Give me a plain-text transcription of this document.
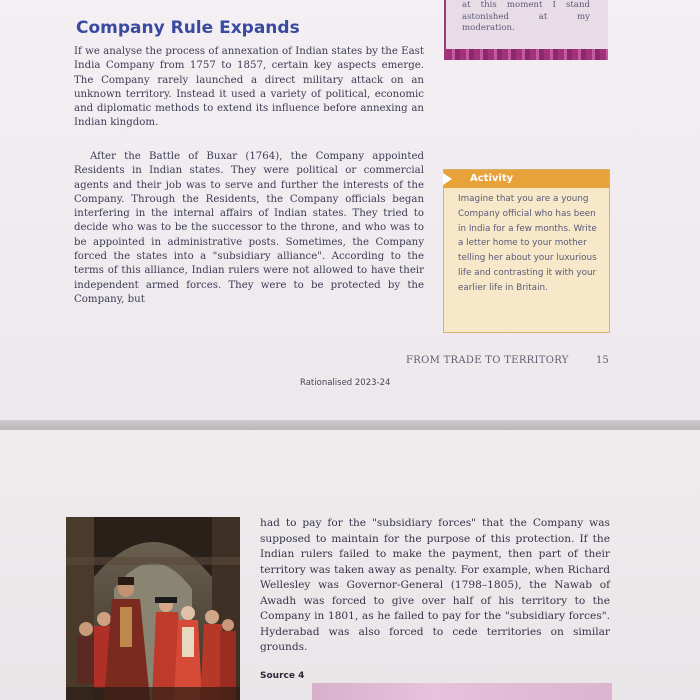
Company Rule Expands

If we analyse the process of annexation of Indian states by the East India Company from 1757 to 1857, certain key aspects emerge. The Company rarely launched a direct military attack on an unknown territory. Instead it used a variety of political, economic and diplomatic methods to extend its influence before annexing an Indian kingdom.

After the Battle of Buxar (1764), the Company appointed Residents in Indian states. They were political or commercial agents and their job was to serve and further the interests of the Company. Through the Residents, the Company officials began interfering in the internal affairs of Indian states. They tried to decide who was to be the successor to the throne, and who was to be appointed in administrative posts. Sometimes, the Company forced the states into a "subsidiary alliance". According to the terms of this alliance, Indian rulers were not allowed to have their independent armed forces. They were to be protected by the Company, but

at this moment I stand astonished at my moderation.
Activity

Imagine that you are a young Company official who has been in India for a few months. Write a letter home to your mother telling her about your luxurious life and contrasting it with your earlier life in Britain.

FROM TRADE TO TERRITORY	15
Rationalised 2023-24

had to pay for the "subsidiary forces" that the Company was supposed to maintain for the purpose of this protection. If the Indian rulers failed to make the payment, then part of their territory was taken away as penalty. For example, when Richard Wellesley was Governor-General (1798–1805), the Nawab of Awadh was forced to give over half of his territory to the Company in 1801, as he failed to pay for the "subsidiary forces". Hyderabad was also forced to cede territories on similar grounds.

Source 4
